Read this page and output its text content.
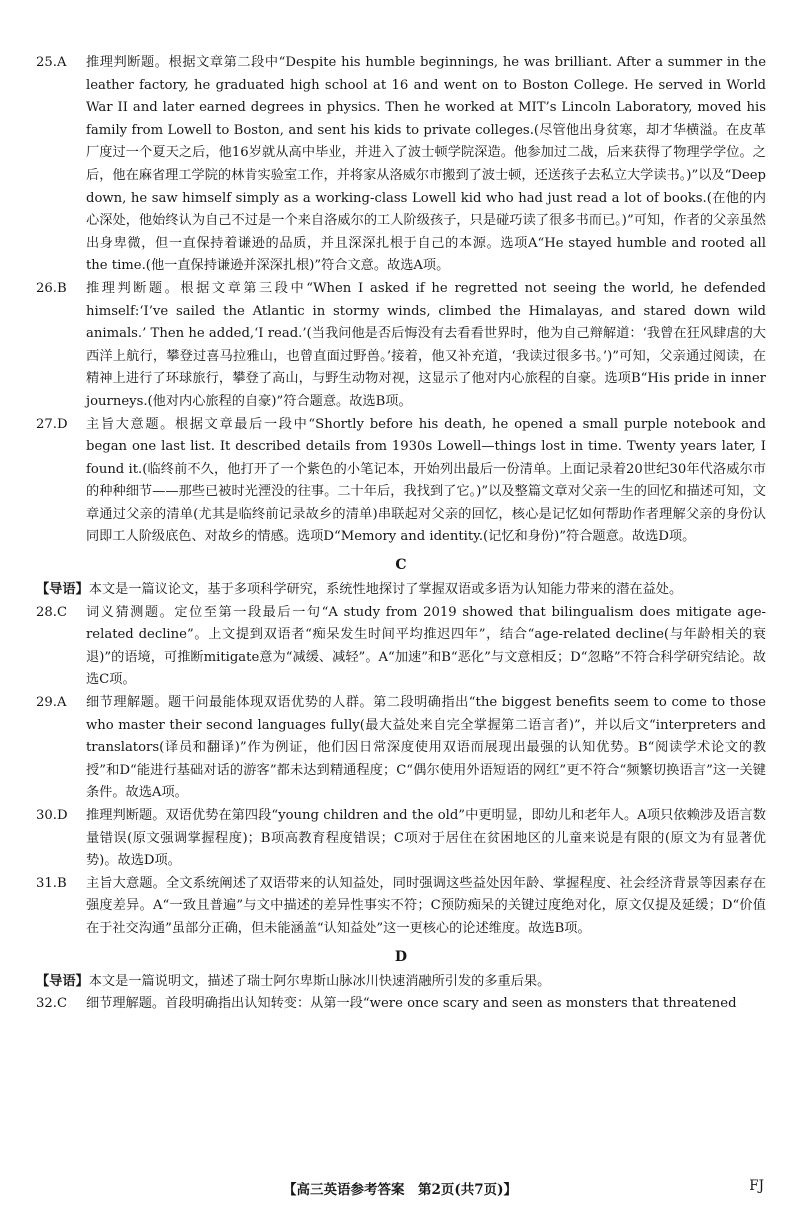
25.A	推理判断题。根据文章第二段中“Despite his humble beginnings, he was brilliant. After a summer in the leather factory, he graduated high school at 16 and went on to Boston College. He served in World War II and later earned degrees in physics. Then he worked at MIT’s Lincoln Laboratory, moved his family from Lowell to Boston, and sent his kids to private colleges.(尽管他出身贫寒，却才华横溢。在皮革厂度过一个夏天之后，他16岁就从高中毕业，并进入了波士顿学院深造。他参加过二战，后来获得了物理学学位。之后，他在麻省理工学院的林肯实验室工作，并将家从洛威尔市搬到了波士顿，还送孩子去私立大学读书。)”以及“Deep down, he saw himself simply as a working-class Lowell kid who had just read a lot of books.(在他的内心深处，他始终认为自己不过是一个来自洛威尔的工人阶级孩子，只是碰巧读了很多书而已。)”可知，作者的父亲虽然出身卑微，但一直保持着谦逊的品质，并且深深扎根于自己的本源。选项A“He stayed humble and rooted all the time.(他一直保持谦逊并深深扎根)”符合文意。故选A项。
26.B	推理判断题。根据文章第三段中“When I asked if he regretted not seeing the world, he defended himself:‘I’ve sailed the Atlantic in stormy winds, climbed the Himalayas, and stared down wild animals.’ Then he added,‘I read.’(当我问他是否后悔没有去看看世界时，他为自己辩解道：‘我曾在狂风肆虐的大西洋上航行，攀登过喜马拉雅山，也曾直面过野兽。’接着，他又补充道，‘我读过很多书。’)”可知，父亲通过阅读，在精神上进行了环球旅行，攀登了高山，与野生动物对视，这显示了他对内心旅程的自豪。选项B“His pride in inner journeys.(他对内心旅程的自豪)”符合题意。故选B项。
27.D	主旨大意题。根据文章最后一段中“Shortly before his death, he opened a small purple notebook and began one last list. It described details from 1930s Lowell—things lost in time. Twenty years later, I found it.(临终前不久，他打开了一个紫色的小笔记本，开始列出最后一份清单。上面记录着20世纪30年代洛威尔市的种种细节——那些已被时光湮没的往事。二十年后，我找到了它。)”以及整篇文章对父亲一生的回忆和描述可知，文章通过父亲的清单(尤其是临终前记录故乡的清单)串联起对父亲的回忆，核心是记忆如何帮助作者理解父亲的身份认同即工人阶级底色、对故乡的情感。选项D“Memory and identity.(记忆和身份)”符合题意。故选D项。
C
【导语】本文是一篇议论文，基于多项科学研究，系统性地探讨了掌握双语或多语为认知能力带来的潜在益处。
28.C	词义猜测题。定位至第一段最后一句“A study from 2019 showed that bilingualism does mitigate age-related decline”。上文提到双语者“痴呆发生时间平均推迟四年”，结合“age-related decline(与年龄相关的衰退)”的语境，可推断mitigate意为“减缓、减轻”。A“加速”和B“恶化”与文意相反；D“忽略”不符合科学研究结论。故选C项。
29.A	细节理解题。题干问最能体现双语优势的人群。第二段明确指出“the biggest benefits seem to come to those who master their second languages fully(最大益处来自完全掌握第二语言者)”，并以后文“interpreters and translators(译员和翻译)”作为例证，他们因日常深度使用双语而展现出最强的认知优势。B“阅读学术论文的教授”和D“能进行基础对话的游客”都未达到精通程度；C“偶尔使用外语短语的网红”更不符合“频繁切换语言”这一关键条件。故选A项。
30.D	推理判断题。双语优势在第四段“young children and the old”中更明显，即幼儿和老年人。A项只依赖涉及语言数量错误(原文强调掌握程度)；B项高教育程度错误；C项对于居住在贫困地区的儿童来说是有限的(原文为有显著优势)。故选D项。
31.B	主旨大意题。全文系统阐述了双语带来的认知益处，同时强调这些益处因年龄、掌握程度、社会经济背景等因素存在强度差异。A“一致且普遍”与文中描述的差异性事实不符；C预防痴呆的关键过度绝对化，原文仅提及延缓；D“价值在于社交沟通”虽部分正确，但未能涵盖“认知益处”这一更核心的论述维度。故选B项。
D
【导语】本文是一篇说明文，描述了瑞士阿尔卑斯山脉冰川快速消融所引发的多重后果。
32.C	细节理解题。首段明确指出认知转变：从第一段“were once scary and seen as monsters that threatened
【高三英语参考答案　第2页(共7页)】	FJ
